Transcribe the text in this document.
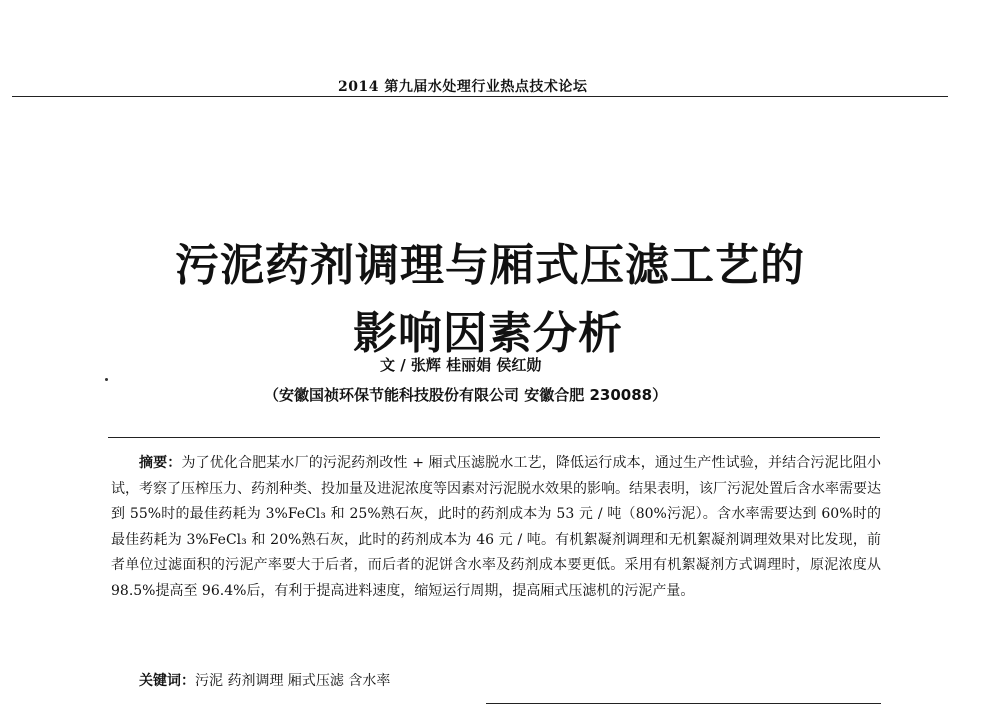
2014 第九届水处理行业热点技术论坛
污泥药剂调理与厢式压滤工艺的
影响因素分析
文 / 张辉 桂丽娟 侯红勋
（安徽国祯环保节能科技股份有限公司 安徽合肥 230088）

摘要：为了优化合肥某水厂的污泥药剂改性 + 厢式压滤脱水工艺，降低运行成本，通过生产性试验，并结合污泥比阻小试，考察了压榨压力、药剂种类、投加量及进泥浓度等因素对污泥脱水效果的影响。结果表明，该厂污泥处置后含水率需要达到 55%时的最佳药耗为 3%FeCl₃ 和 25%熟石灰，此时的药剂成本为 53 元 / 吨（80%污泥）。含水率需要达到 60%时的最佳药耗为 3%FeCl₃ 和 20%熟石灰，此时的药剂成本为 46 元 / 吨。有机絮凝剂调理和无机絮凝剂调理效果对比发现，前者单位过滤面积的污泥产率要大于后者，而后者的泥饼含水率及药剂成本要更低。采用有机絮凝剂方式调理时，原泥浓度从 98.5%提高至 96.4%后，有利于提高进料速度，缩短运行周期，提高厢式压滤机的污泥产量。

关键词：污泥 药剂调理 厢式压滤 含水率
